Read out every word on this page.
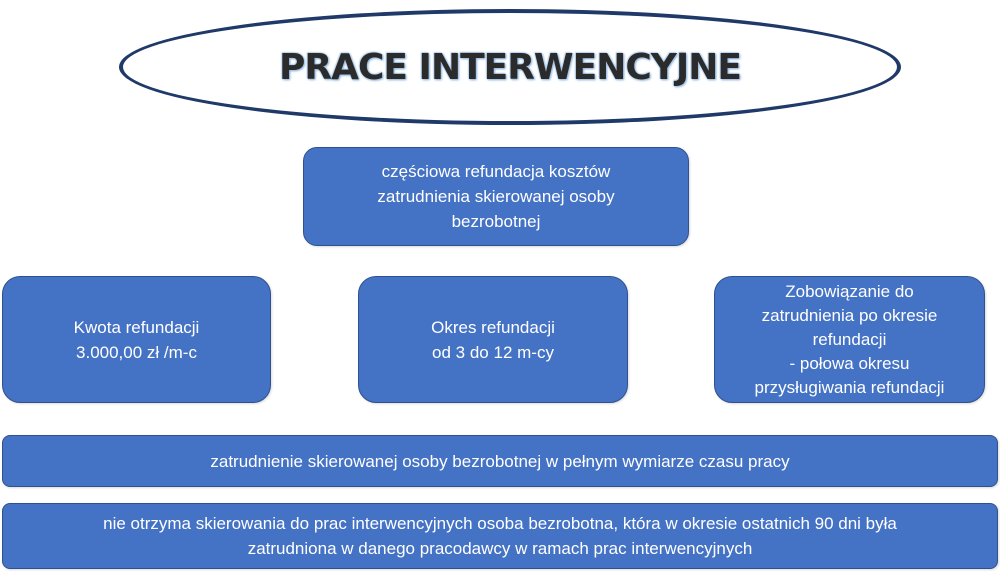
PRACE INTERWENCYJNE
częściowa refundacja kosztów
zatrudnienia skierowanej osoby
bezrobotnej
Kwota refundacji
3.000,00 zł /m-c
Okres refundacji
od 3 do 12 m-cy
Zobowiązanie do
zatrudnienia po okresie
refundacji
- połowa okresu
przysługiwania refundacji
zatrudnienie skierowanej osoby bezrobotnej w pełnym wymiarze czasu pracy
nie otrzyma skierowania do prac interwencyjnych osoba bezrobotna, która w okresie ostatnich 90 dni była
zatrudniona w danego pracodawcy w ramach prac interwencyjnych
